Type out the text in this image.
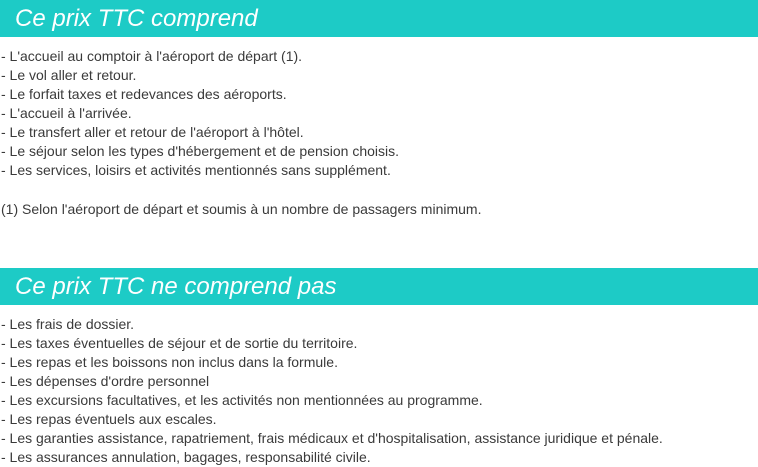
Ce prix TTC comprend
- L'accueil au comptoir à l'aéroport de départ (1).
- Le vol aller et retour.
- Le forfait taxes et redevances des aéroports.
- L'accueil à l'arrivée.
- Le transfert aller et retour de l'aéroport à l'hôtel.
- Le séjour selon les types d'hébergement et de pension choisis.
- Les services, loisirs et activités mentionnés sans supplément.
(1) Selon l'aéroport de départ et soumis à un nombre de passagers minimum.
Ce prix TTC ne comprend pas
- Les frais de dossier.
- Les taxes éventuelles de séjour et de sortie du territoire.
- Les repas et les boissons non inclus dans la formule.
- Les dépenses d'ordre personnel
- Les excursions facultatives, et les activités non mentionnées au programme.
- Les repas éventuels aux escales.
- Les garanties assistance, rapatriement, frais médicaux et d'hospitalisation, assistance juridique et pénale.
- Les assurances annulation, bagages, responsabilité civile.
